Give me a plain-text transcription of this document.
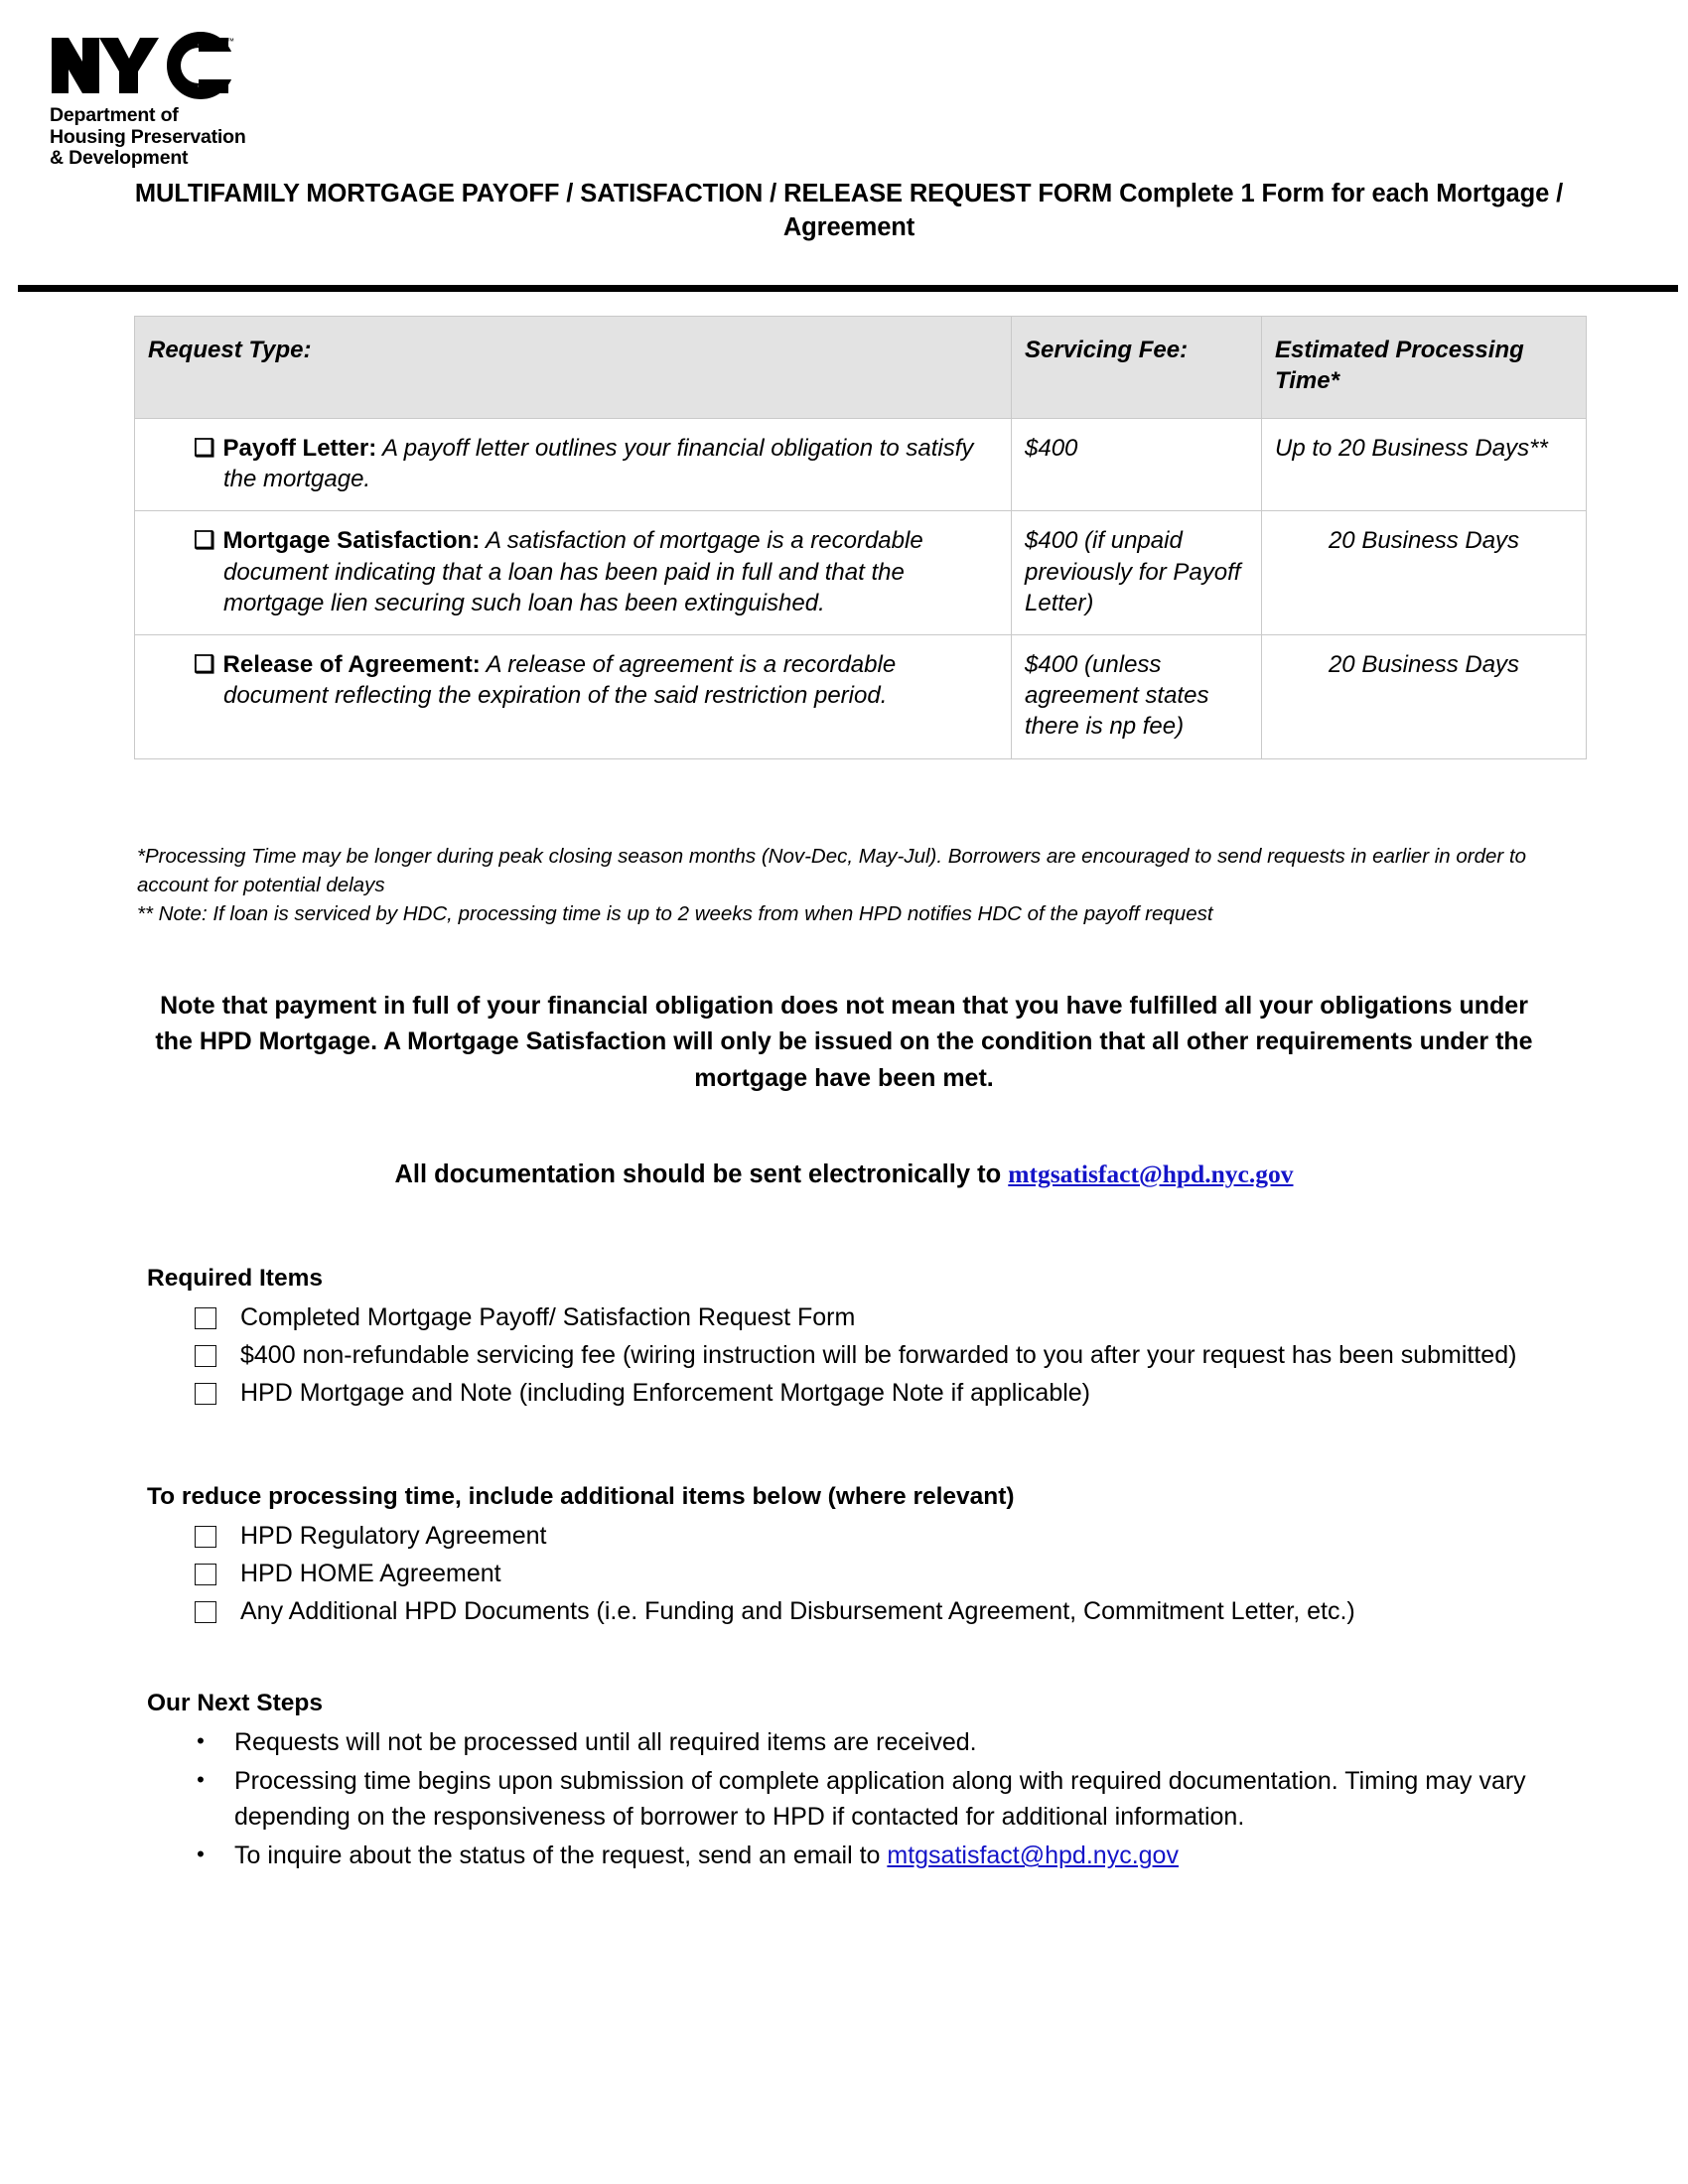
™
Department of
Housing Preservation
& Development
MULTIFAMILY MORTGAGE PAYOFF / SATISFACTION / RELEASE REQUEST FORM Complete 1 Form for each Mortgage / Agreement
Request Type:	Servicing Fee:	Estimated Processing Time*

❑ Payoff Letter: A payoff letter outlines your financial obligation to satisfy the mortgage.	$400	Up to 20 Business Days**

❑ Mortgage Satisfaction: A satisfaction of mortgage is a recordable document indicating that a loan has been paid in full and that the mortgage lien securing such loan has been extinguished.	$400 (if unpaid previously for Payoff Letter)	20 Business Days

❑ Release of Agreement: A release of agreement is a recordable document reflecting the expiration of the said restriction period.	$400 (unless agreement states there is np fee)	20 Business Days
*Processing Time may be longer during peak closing season months (Nov-Dec, May-Jul). Borrowers are encouraged to send requests in earlier in order to account for potential delays
** Note: If loan is serviced by HDC, processing time is up to 2 weeks from when HPD notifies HDC of the payoff request
Note that payment in full of your financial obligation does not mean that you have fulfilled all your obligations under the HPD Mortgage. A Mortgage Satisfaction will only be issued on the condition that all other requirements under the mortgage have been met.
All documentation should be sent electronically to mtgsatisfact@hpd.nyc.gov
Required Items
Completed Mortgage Payoff/ Satisfaction Request Form
$400 non-refundable servicing fee (wiring instruction will be forwarded to you after your request has been submitted)
HPD Mortgage and Note (including Enforcement Mortgage Note if applicable)
To reduce processing time, include additional items below (where relevant)
HPD Regulatory Agreement
HPD HOME Agreement
Any Additional HPD Documents (i.e. Funding and Disbursement Agreement, Commitment Letter, etc.)
Our Next Steps
•	Requests will not be processed until all required items are received.
•	Processing time begins upon submission of complete application along with required documentation. Timing may vary depending on the responsiveness of borrower to HPD if contacted for additional information.
•	To inquire about the status of the request, send an email to mtgsatisfact@hpd.nyc.gov
